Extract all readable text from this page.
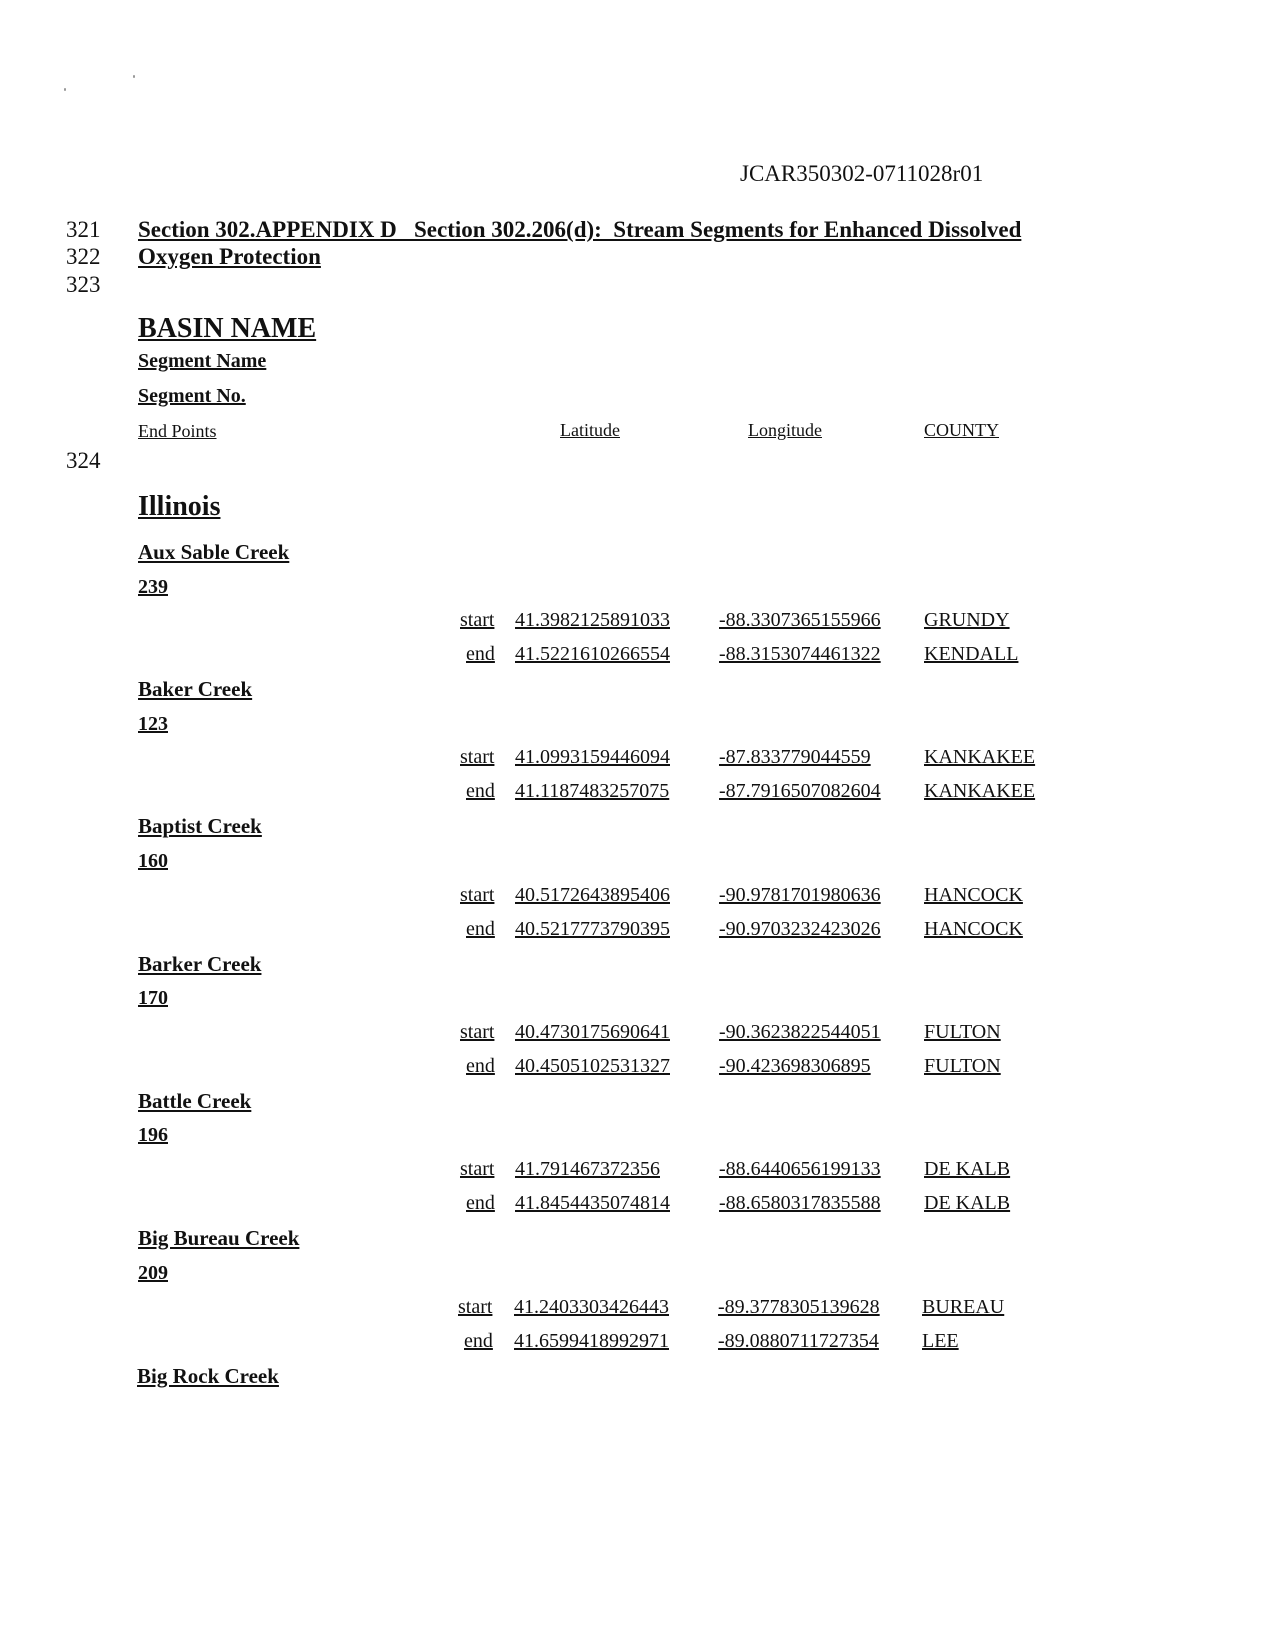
JCAR350302-0711028r01
321
322
323
324
Section 302.APPENDIX D   Section 302.206(d):  Stream Segments for Enhanced Dissolved
Oxygen Protection
BASIN NAME
Segment Name
Segment No.
End Points	Latitude	Longitude	COUNTY
Illinois
Aux Sable Creek
239
start 41.3982125891033 -88.3307365155966 GRUNDY
end 41.5221610266554 -88.3153074461322 KENDALL
Baker Creek
123
start 41.0993159446094 -87.833779044559	KANKAKEE
end 41.1187483257075 -87.7916507082604 KANKAKEE
Baptist Creek
160
start 40.5172643895406 -90.9781701980636 HANCOCK
end 40.5217773790395 -90.9703232423026 HANCOCK
Barker Creek
170
start 40.4730175690641 -90.3623822544051 FULTON
end 40.4505102531327 -90.423698306895	FULTON
Battle Creek
196
start 41.791467372356	-88.6440656199133 DE KALB
end 41.8454435074814 -88.6580317835588 DE KALB
Big Bureau Creek
209
start 41.2403303426443 -89.3778305139628 BUREAU
end 41.6599418992971 -89.0880711727354 LEE
Big Rock Creek
